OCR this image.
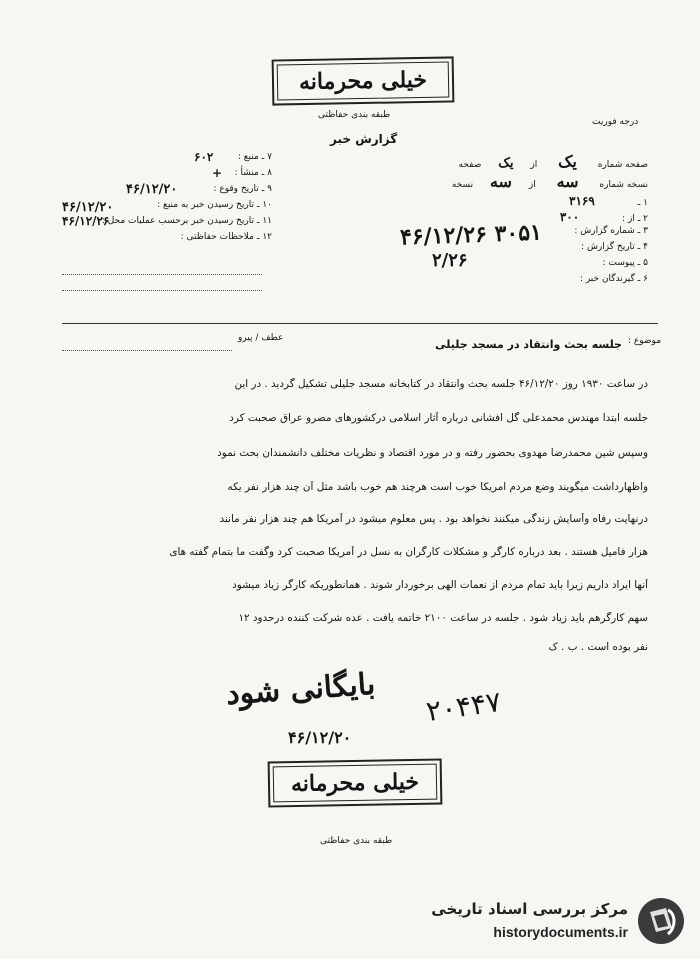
خیلی محرمانه
طبقه بندی حفاظتی
درجه فوریت
گزارش خبر
صفحه شماره یک از یک صفحه
نسخه شماره سه از سه نسخه
۱ ـ ۳۱۶۹
۲ ـ از : ۳۰۰
۳ ـ شماره گزارش :
۴ ـ تاریخ گزارش :
۵ ـ پیوست :
۶ ـ گیرندگان خبر :
۴۶/۱۲/۲۶ ۳۰۵۱
۲/۲۶
۷ ـ منبع :
۶۰۲
۸ ـ منشأ :
+
۹ ـ تاریخ وقوع :
۴۶/۱۲/۲۰
۱۰ ـ تاریخ رسیدن خبر به منبع :
۴۶/۱۲/۲۰
۱۱ ـ تاریخ رسیدن خبر برحسب عملیات محل :
۴۶/۱۲/۲۶
۱۲ ـ ملاحظات حفاظتی :
عطف / پیرو	موضوع :
جلسه بحث وانتقاد در مسجد جلیلی
در ساعت ۱۹۳۰ روز ۴۶/۱۲/۲۰ جلسه بحث وانتقاد در کتابخانه مسجد جلیلی تشکیل گردید . در این
جلسه ابتدا مهندس محمدعلی گل افشانی درباره آثار اسلامی درکشورهای مصرو عراق صحبت کرد
وسپس شین محمدرضا مهدوی بحضور رفته و در مورد اقتصاد و نظریات مختلف دانشمندان بحث نمود
واظهارداشت میگویند وضع مردم امریکا خوب است هرچند هم خوب باشد مثل آن چند هزار نفر یکه
درنهایت رفاه وآسایش زندگی میکنند نخواهد بود . پس معلوم میشود در آمریکا هم چند هزار نفر مانند
هزار فامیل هستند . بعد درباره کارگر و مشکلات کارگران به نسل در آمریکا صحبت کرد وگفت ما بتمام گفته های
آنها ایراد داریم زیرا باید تمام مردم از نعمات الهی برخوردار شوند . همانطوریکه کارگر زیاد میشود
سهم کارگرهم باید زیاد شود . جلسه در ساعت ۲۱۰۰ خاتمه یافت . عده شرکت کننده درحدود ۱۲
نفر بوده است . ب . ک
بایگانی شود ۲۰۴۴۷
۴۶/۱۲/۲۰
خیلی محرمانه
طبقه بندی حفاظتی
مرکز بررسی اسناد تاریخی
historydocuments.ir
